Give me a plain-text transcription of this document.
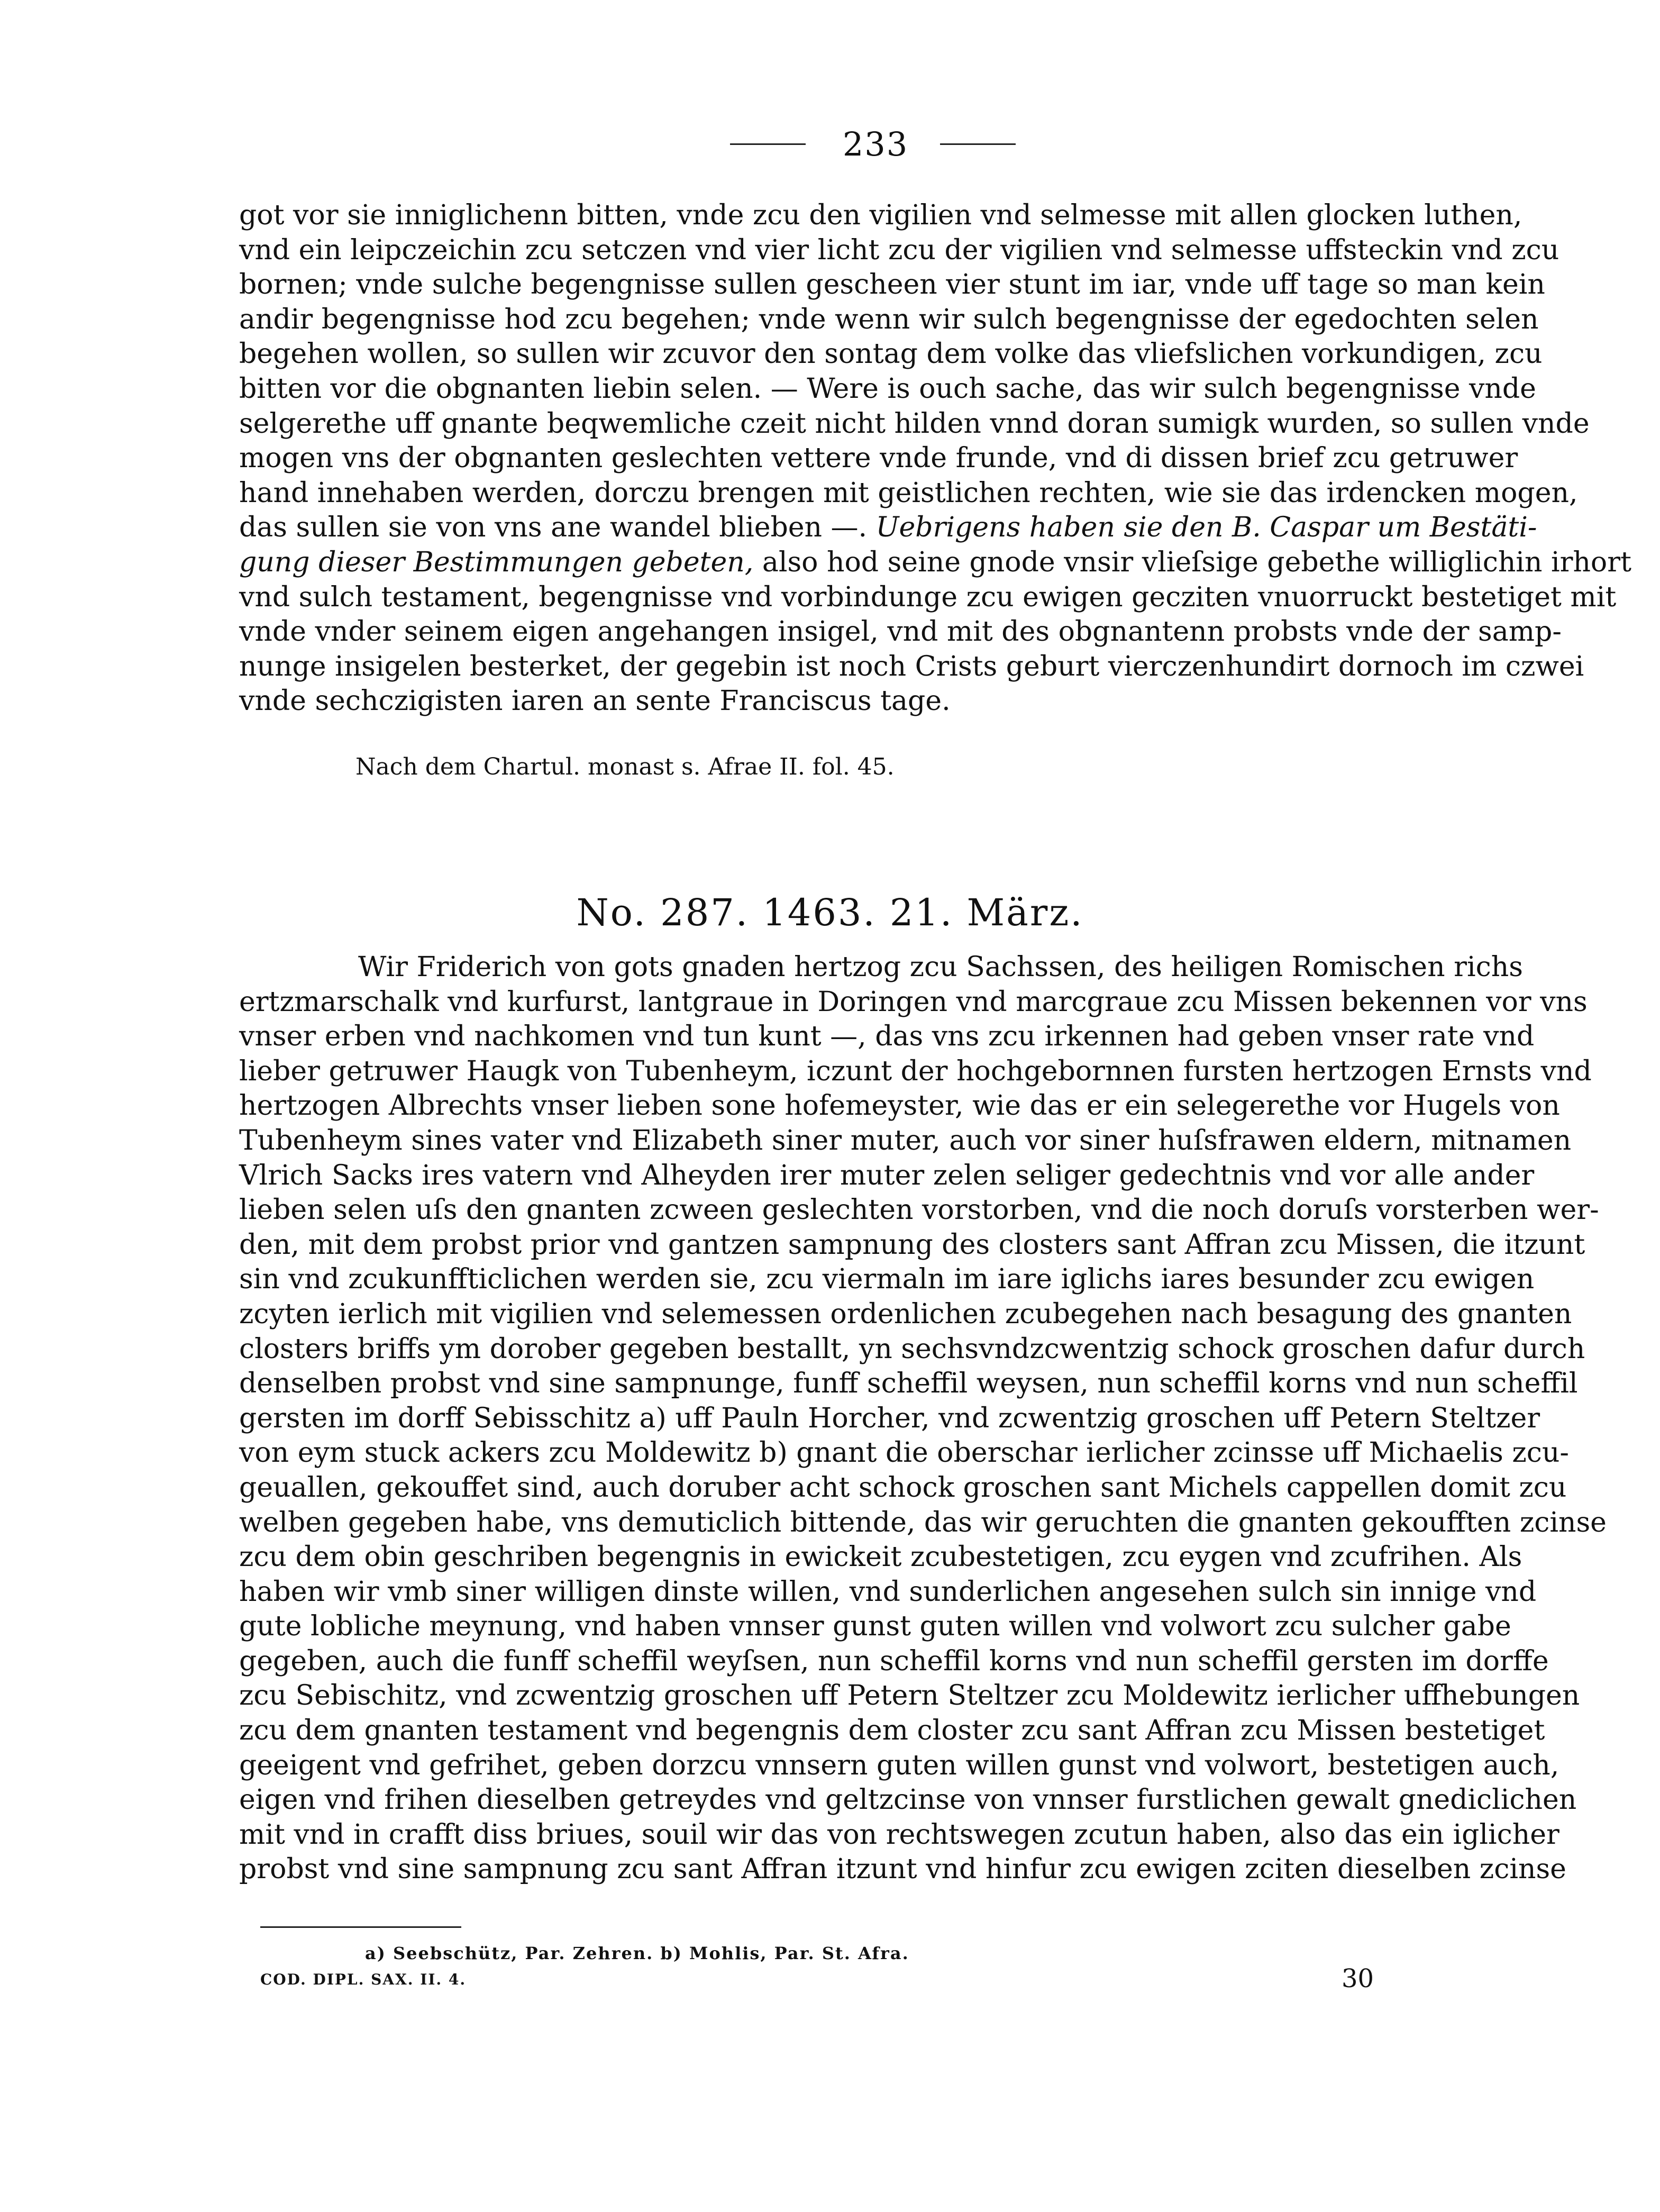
233
got vor sie inniglichenn bitten, vnde zcu den vigilien vnd selmesse mit allen glocken luthen,
vnd ein leipczeichin zcu setczen vnd vier licht zcu der vigilien vnd selmesse uffsteckin vnd zcu
bornen; vnde sulche begengnisse sullen gescheen vier stunt im iar, vnde uff tage so man kein
andir begengnisse hod zcu begehen; vnde wenn wir sulch begengnisse der egedochten selen
begehen wollen, so sullen wir zcuvor den sontag dem volke das vliefslichen vorkundigen, zcu
bitten vor die obgnanten liebin selen. — Were is ouch sache, das wir sulch begengnisse vnde
selgerethe uff gnante beqwemliche czeit nicht hilden vnnd doran sumigk wurden, so sullen vnde
mogen vns der obgnanten geslechten vettere vnde frunde, vnd di dissen brief zcu getruwer
hand innehaben werden, dorczu brengen mit geistlichen rechten, wie sie das irdencken mogen,
das sullen sie von vns ane wandel blieben —. Uebrigens haben sie den B. Caspar um Bestäti-
gung dieser Bestimmungen gebeten, also hod seine gnode vnsir vlieſsige gebethe williglichin irhort
vnd sulch testament, begengnisse vnd vorbindunge zcu ewigen gecziten vnuorruckt bestetiget mit
vnde vnder seinem eigen angehangen insigel, vnd mit des obgnantenn probsts vnde der samp-
nunge insigelen besterket, der gegebin ist noch Crists geburt vierczenhundirt dornoch im czwei
vnde sechczigisten iaren an sente Franciscus tage.
Nach dem Chartul. monast s. Afrae II. fol. 45.
No. 287. 1463. 21. März.
Wir Friderich von gots gnaden hertzog zcu Sachssen, des heiligen Romischen richs
ertzmarschalk vnd kurfurst, lantgraue in Doringen vnd marcgraue zcu Missen bekennen vor vns
vnser erben vnd nachkomen vnd tun kunt —, das vns zcu irkennen had geben vnser rate vnd
lieber getruwer Haugk von Tubenheym, iczunt der hochgebornnen fursten hertzogen Ernsts vnd
hertzogen Albrechts vnser lieben sone hofemeyster, wie das er ein selegerethe vor Hugels von
Tubenheym sines vater vnd Elizabeth siner muter, auch vor siner huſsfrawen eldern, mitnamen
Vlrich Sacks ires vatern vnd Alheyden irer muter zelen seliger gedechtnis vnd vor alle ander
lieben selen uſs den gnanten zcween geslechten vorstorben, vnd die noch doruſs vorsterben wer-
den, mit dem probst prior vnd gantzen sampnung des closters sant Affran zcu Missen, die itzunt
sin vnd zcukunffticlichen werden sie, zcu viermaln im iare iglichs iares besunder zcu ewigen
zcyten ierlich mit vigilien vnd selemessen ordenlichen zcubegehen nach besagung des gnanten
closters briffs ym dorober gegeben bestallt, yn sechsvndzcwentzig schock groschen dafur durch
denselben probst vnd sine sampnunge, funff scheffil weysen, nun scheffil korns vnd nun scheffil
gersten im dorff Sebisschitz a) uff Pauln Horcher, vnd zcwentzig groschen uff Petern Steltzer
von eym stuck ackers zcu Moldewitz b) gnant die oberschar ierlicher zcinsse uff Michaelis zcu-
geuallen, gekouffet sind, auch doruber acht schock groschen sant Michels cappellen domit zcu
welben gegeben habe, vns demuticlich bittende, das wir geruchten die gnanten gekoufften zcinse
zcu dem obin geschriben begengnis in ewickeit zcubestetigen, zcu eygen vnd zcufrihen. Als
haben wir vmb siner willigen dinste willen, vnd sunderlichen angesehen sulch sin innige vnd
gute lobliche meynung, vnd haben vnnser gunst guten willen vnd volwort zcu sulcher gabe
gegeben, auch die funff scheffil weyſsen, nun scheffil korns vnd nun scheffil gersten im dorffe
zcu Sebischitz, vnd zcwentzig groschen uff Petern Steltzer zcu Moldewitz ierlicher uffhebungen
zcu dem gnanten testament vnd begengnis dem closter zcu sant Affran zcu Missen bestetiget
geeigent vnd gefrihet, geben dorzcu vnnsern guten willen gunst vnd volwort, bestetigen auch,
eigen vnd frihen dieselben getreydes vnd geltzcinse von vnnser furstlichen gewalt gnediclichen
mit vnd in crafft diss briues, souil wir das von rechtswegen zcutun haben, also das ein iglicher
probst vnd sine sampnung zcu sant Affran itzunt vnd hinfur zcu ewigen zciten dieselben zcinse
a) Seebschütz, Par. Zehren. b) Mohlis, Par. St. Afra.
COD. DIPL. SAX. II. 4.	30
